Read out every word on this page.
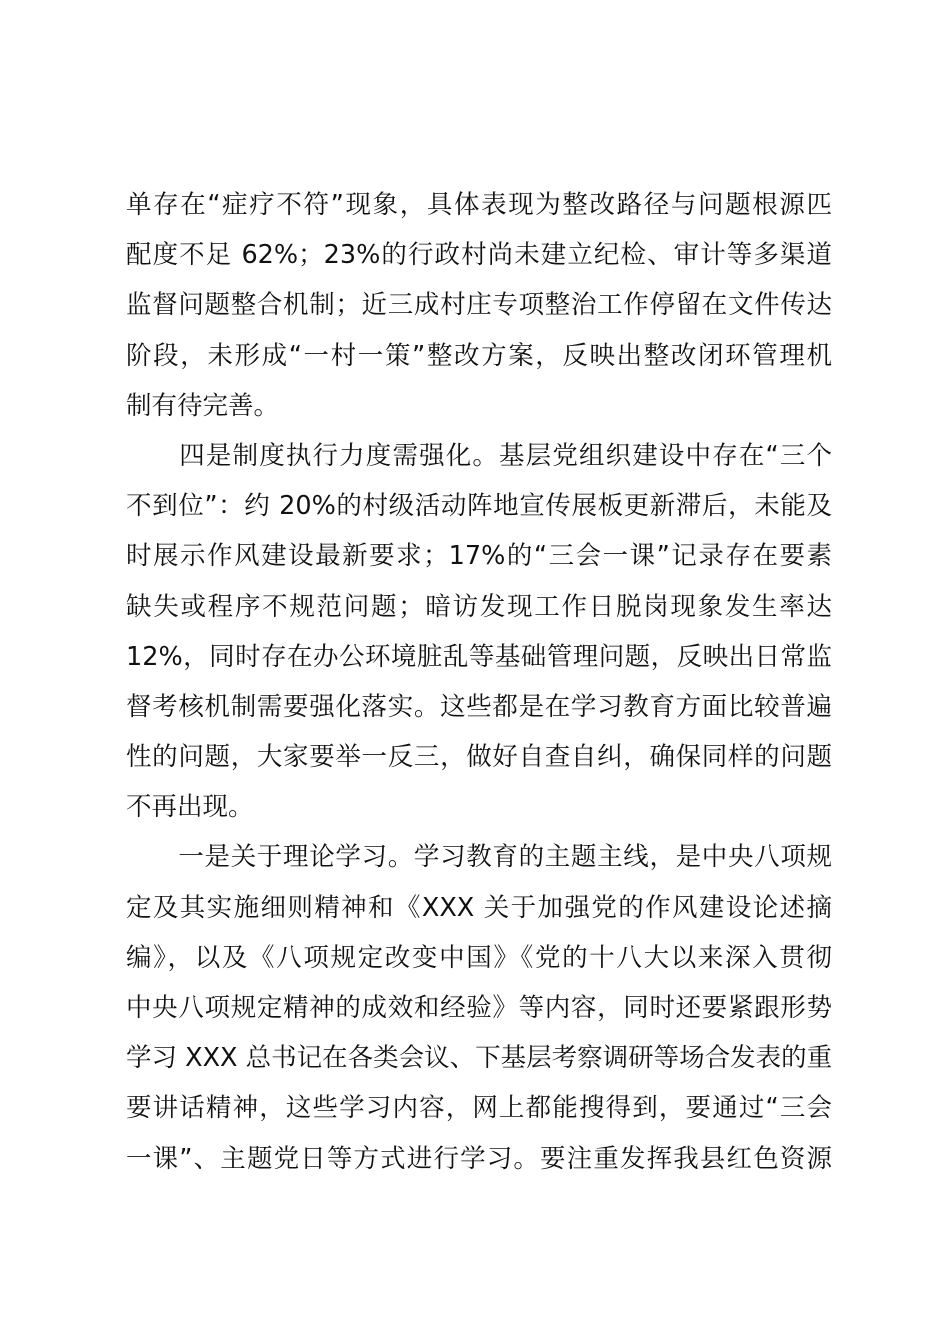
单存在“症疗不符”现象，具体表现为整改路径与问题根源匹
配度不足 62%；23%的行政村尚未建立纪检、审计等多渠道
监督问题整合机制；近三成村庄专项整治工作停留在文件传达
阶段，未形成“一村一策”整改方案，反映出整改闭环管理机
制有待完善。
　　四是制度执行力度需强化。基层党组织建设中存在“三个
不到位”：约 20%的村级活动阵地宣传展板更新滞后，未能及
时展示作风建设最新要求；17%的“三会一课”记录存在要素
缺失或程序不规范问题；暗访发现工作日脱岗现象发生率达
12%，同时存在办公环境脏乱等基础管理问题，反映出日常监
督考核机制需要强化落实。这些都是在学习教育方面比较普遍
性的问题，大家要举一反三，做好自查自纠，确保同样的问题
不再出现。
　　一是关于理论学习。学习教育的主题主线，是中央八项规
定及其实施细则精神和《XXX 关于加强党的作风建设论述摘
编》，以及《八项规定改变中国》《党的十八大以来深入贯彻
中央八项规定精神的成效和经验》等内容，同时还要紧跟形势
学习 XXX 总书记在各类会议、下基层考察调研等场合发表的重
要讲话精神，这些学习内容，网上都能搜得到，要通过“三会
一课”、主题党日等方式进行学习。要注重发挥我县红色资源
